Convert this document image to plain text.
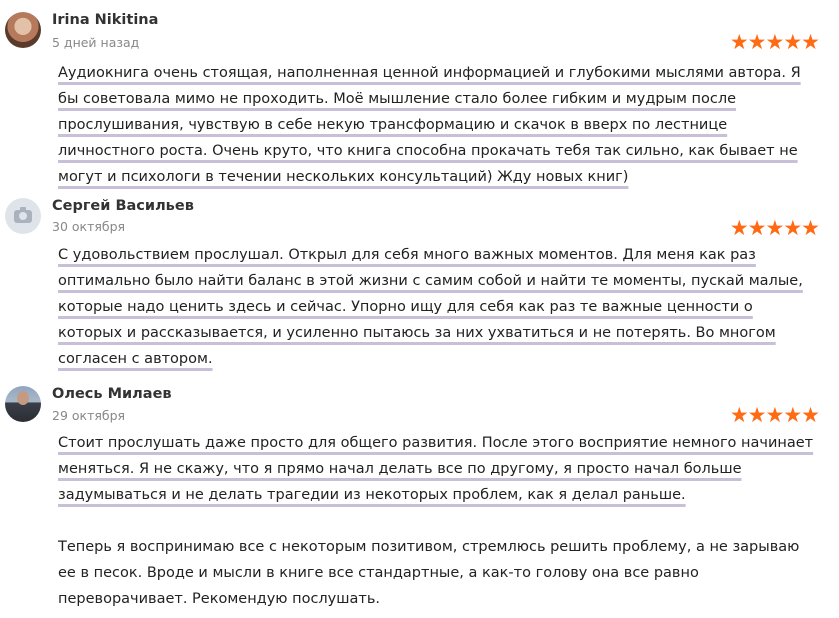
Irina Nikitina
5 дней назад	★★★★★

Аудиокнига очень стоящая, наполненная ценной информацией и глубокими мыслями автора. Я бы советовала мимо не проходить. Моё мышление стало более гибким и мудрым после прослушивания, чувствую в себе некую трансформацию и скачок в вверх по лестнице личностного роста. Очень круто, что книга способна прокачать тебя так сильно, как бывает не могут и психологи в течении нескольких консультаций) Жду новых книг)

Сергей Васильев
30 октября	★★★★★

С удовольствием прослушал. Открыл для себя много важных моментов. Для меня как раз оптимально было найти баланс в этой жизни с самим собой и найти те моменты, пускай малые, которые надо ценить здесь и сейчас. Упорно ищу для себя как раз те важные ценности о которых и рассказывается, и усиленно пытаюсь за них ухватиться и не потерять. Во многом согласен с автором.

Олесь Милаев
29 октября	★★★★★

Стоит прослушать даже просто для общего развития. После этого восприятие немного начинает меняться. Я не скажу, что я прямо начал делать все по другому, я просто начал больше задумываться и не делать трагедии из некоторых проблем, как я делал раньше.

Теперь я воспринимаю все с некоторым позитивом, стремлюсь решить проблему, а не зарываю ее в песок. Вроде и мысли в книге все стандартные, а как-то голову она все равно переворачивает. Рекомендую послушать.
